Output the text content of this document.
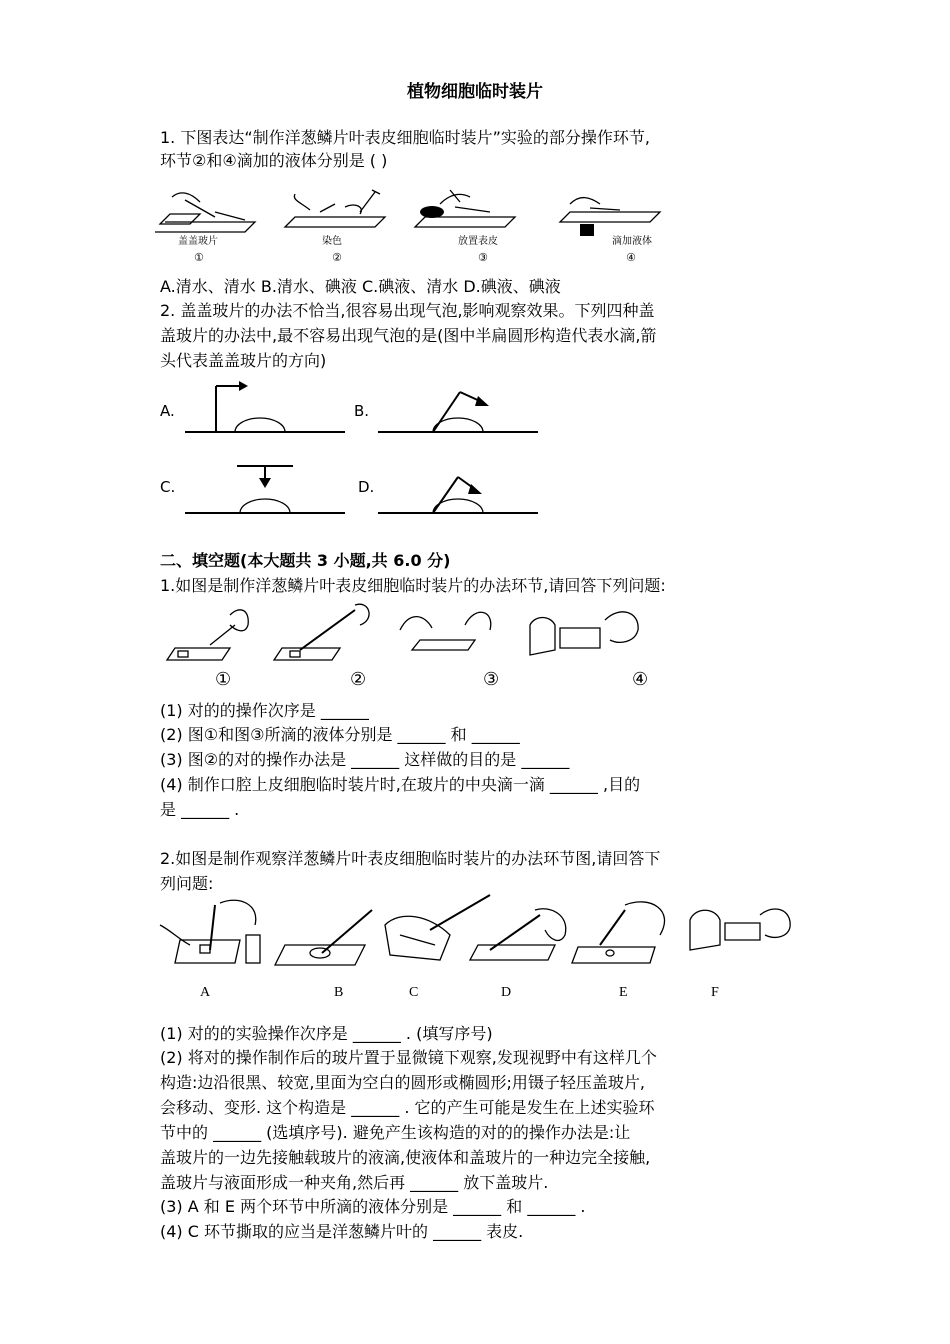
植物细胞临时装片
1. 下图表达“制作洋葱鳞片叶表皮细胞临时装片”实验的部分操作环节,
环节②和④滴加的液体分别是 ( )
盖盖玻片
①
染色
②
放置表皮
③
滴加液体
④
A.清水、清水 B.清水、碘液 C.碘液、清水 D.碘液、碘液
2. 盖盖玻片的办法不恰当,很容易出现气泡,影响观察效果。下列四种盖
盖玻片的办法中,最不容易出现气泡的是(图中半扁圆形构造代表水滴,箭
头代表盖盖玻片的方向)
A.	B.
C.	D.
二、填空题(本大题共 3 小题,共 6.0 分)
1.如图是制作洋葱鳞片叶表皮细胞临时装片的办法环节,请回答下列问题:
①	②	③	④
(1) 对的的操作次序是 ______
(2) 图①和图③所滴的液体分别是 ______ 和 ______
(3) 图②的对的操作办法是 ______ 这样做的目的是 ______
(4) 制作口腔上皮细胞临时装片时,在玻片的中央滴一滴 ______ ,目的
是 ______ .
2.如图是制作观察洋葱鳞片叶表皮细胞临时装片的办法环节图,请回答下
列问题:
A	B	C	D	E	F
(1) 对的的实验操作次序是 ______ . (填写序号)
(2) 将对的操作制作后的玻片置于显微镜下观察,发现视野中有这样几个
构造:边沿很黑、较宽,里面为空白的圆形或椭圆形;用镊子轻压盖玻片,
会移动、变形. 这个构造是 ______ . 它的产生可能是发生在上述实验环
节中的 ______ (选填序号). 避免产生该构造的对的的操作办法是:让
盖玻片的一边先接触载玻片的液滴,使液体和盖玻片的一种边完全接触,
盖玻片与液面形成一种夹角,然后再 ______ 放下盖玻片.
(3) A 和 E 两个环节中所滴的液体分别是 ______ 和 ______ .
(4) C 环节撕取的应当是洋葱鳞片叶的 ______ 表皮.
